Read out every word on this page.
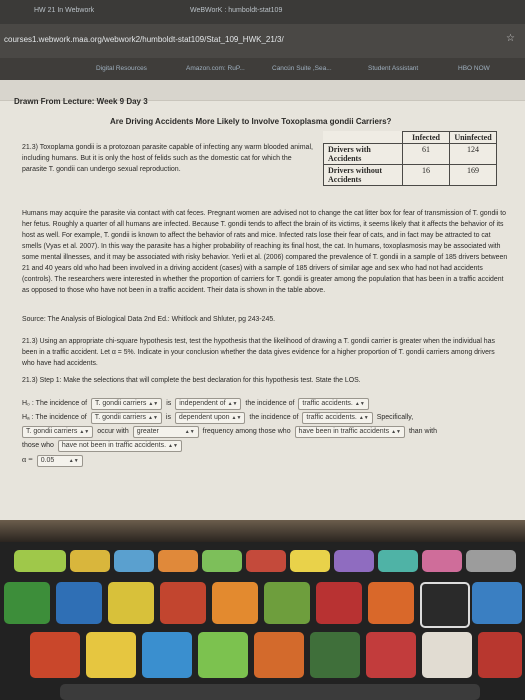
HW 21 In Webwork	WeBWorK : humboldt-stat109
courses1.webwork.maa.org/webwork2/humboldt-stat109/Stat_109_HWK_21/3/	☆
Digital Resources	Amazon.com: RuP...	Cancún Suite ,Sea...	Student Assistant	HBO NOW
Drawn From Lecture: Week 9 Day 3
Are Driving Accidents More Likely to Involve Toxoplasma gondii Carriers?
21.3) Toxoplama gondii is a protozoan parasite capable of infecting any warm blooded animal, including humans. But it is only the host of felids such as the domestic cat for which the parasite T. gondii can undergo sexual reproduction.
	Infected	Uninfected
Drivers with Accidents	61	124
Drivers without Accidents	16	169
Humans may acquire the parasite via contact with cat feces. Pregnant women are advised not to change the cat litter box for fear of transmission of T. gondii to her fetus. Roughly a quarter of all humans are infected. Because T. gondii tends to affect the brain of its victims, it seems likely that it affects the behavior of its host as well. For example, T. gondii is known to affect the behavior of rats and mice. Infected rats lose their fear of cats, and in fact may be attracted to cat smells (Vyas et al. 2007). In this way the parasite has a higher probability of reaching its final host, the cat. In humans, toxoplasmosis may be associated with some mental illnesses, and it may be associated with risky behavior. Yerli et al. (2006) compared the prevalence of T. gondii in a sample of 185 drivers between 21 and 40 years old who had been involved in a driving accident (cases) with a sample of 185 drivers of similar age and sex who had not had accidents (controls). The researchers were interested in whether the proportion of carriers for T. gondii is greater among the population that has been in a traffic accident as opposed to those who have not been in a traffic accident. Their data is shown in the table above.
Source: The Analysis of Biological Data 2nd Ed.: Whitlock and Shluter, pg 243-245.
21.3) Using an appropriate chi-square hypothesis test, test the hypothesis that the likelihood of drawing a T. gondii carrier is greater when the individual has been in a traffic accident. Let α = 5%. Indicate in your conclusion whether the data gives evidence for a higher proportion of T. gondii carriers among drivers who have had accidents.
21.3) Step 1: Make the selections that will complete the best declaration for this hypothesis test. State the LOS.
H₀ : The incidence of T. gondii carriers ▲▼ is independent of ▲▼ the incidence of traffic accidents. ▲▼
Hₐ : The incidence of T. gondii carriers ▲▼ is dependent upon ▲▼ the incidence of traffic accidents. ▲▼ Specifically,
T. gondii carriers ▲▼ occur with greater	▲▼ frequency among those who have been in traffic accidents ▲▼ than with
those who have not been in traffic accidents. ▲▼
α = 0.05	▲▼
